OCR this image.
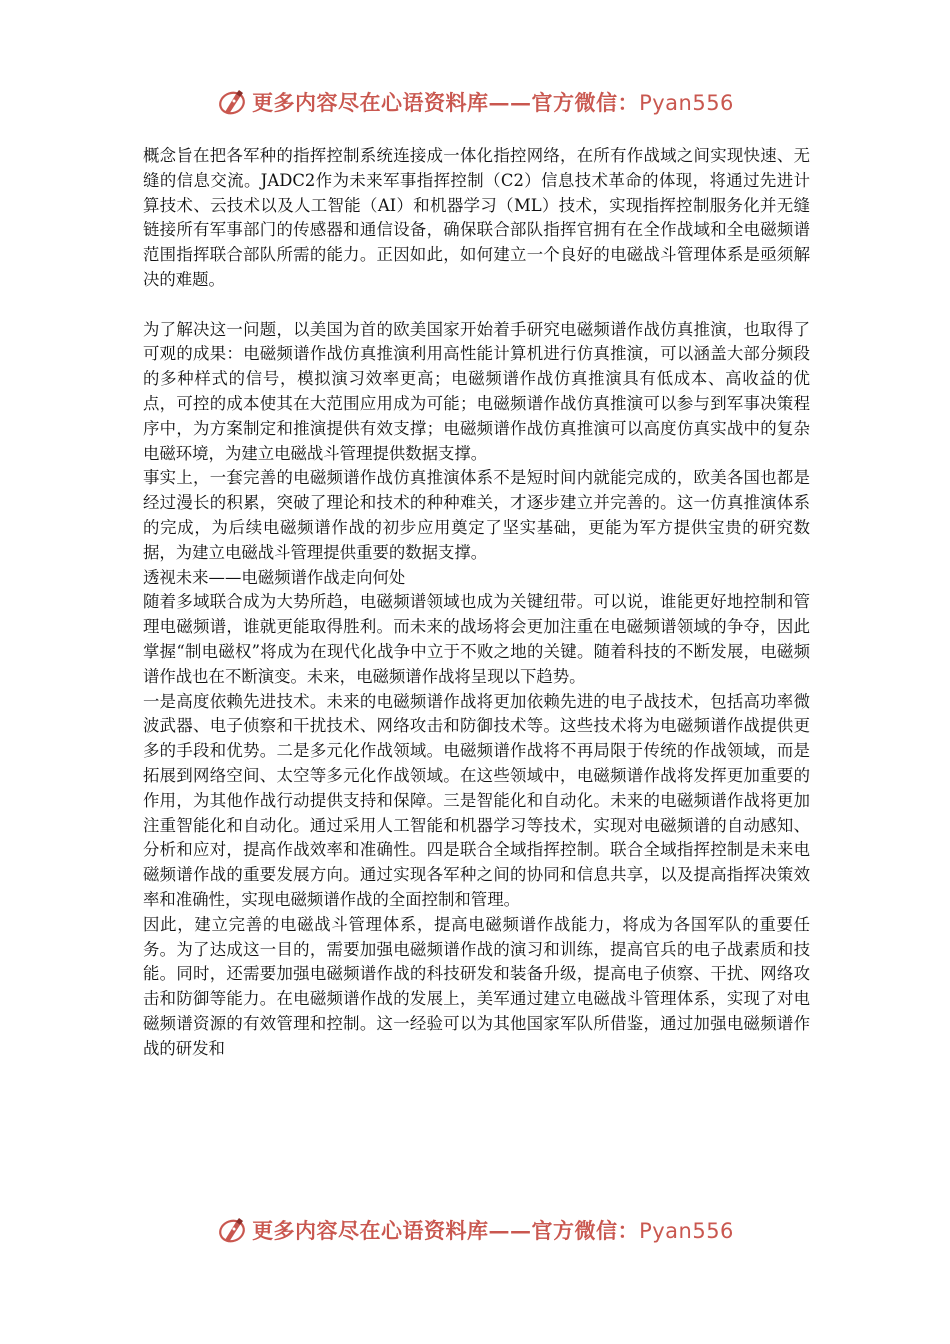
更多内容尽在心语资料库——官方微信：Pyan556

概念旨在把各军种的指挥控制系统连接成一体化指控网络，在所有作战域之间实现快速、无缝的信息交流。JADC2作为未来军事指挥控制（C2）信息技术革命的体现，将通过先进计算技术、云技术以及人工智能（AI）和机器学习（ML）技术，实现指挥控制服务化并无缝链接所有军事部门的传感器和通信设备，确保联合部队指挥官拥有在全作战域和全电磁频谱范围指挥联合部队所需的能力。正因如此，如何建立一个良好的电磁战斗管理体系是亟须解决的难题。

为了解决这一问题，以美国为首的欧美国家开始着手研究电磁频谱作战仿真推演，也取得了可观的成果：电磁频谱作战仿真推演利用高性能计算机进行仿真推演，可以涵盖大部分频段的多种样式的信号，模拟演习效率更高；电磁频谱作战仿真推演具有低成本、高收益的优点，可控的成本使其在大范围应用成为可能；电磁频谱作战仿真推演可以参与到军事决策程序中，为方案制定和推演提供有效支撑；电磁频谱作战仿真推演可以高度仿真实战中的复杂电磁环境，为建立电磁战斗管理提供数据支撑。

事实上，一套完善的电磁频谱作战仿真推演体系不是短时间内就能完成的，欧美各国也都是经过漫长的积累，突破了理论和技术的种种难关，才逐步建立并完善的。这一仿真推演体系的完成，为后续电磁频谱作战的初步应用奠定了坚实基础，更能为军方提供宝贵的研究数据，为建立电磁战斗管理提供重要的数据支撑。

透视未来——电磁频谱作战走向何处

随着多域联合成为大势所趋，电磁频谱领域也成为关键纽带。可以说，谁能更好地控制和管理电磁频谱，谁就更能取得胜利。而未来的战场将会更加注重在电磁频谱领域的争夺，因此掌握“制电磁权”将成为在现代化战争中立于不败之地的关键。随着科技的不断发展，电磁频谱作战也在不断演变。未来，电磁频谱作战将呈现以下趋势。

一是高度依赖先进技术。未来的电磁频谱作战将更加依赖先进的电子战技术，包括高功率微波武器、电子侦察和干扰技术、网络攻击和防御技术等。这些技术将为电磁频谱作战提供更多的手段和优势。二是多元化作战领域。电磁频谱作战将不再局限于传统的作战领域，而是拓展到网络空间、太空等多元化作战领域。在这些领域中，电磁频谱作战将发挥更加重要的作用，为其他作战行动提供支持和保障。三是智能化和自动化。未来的电磁频谱作战将更加注重智能化和自动化。通过采用人工智能和机器学习等技术，实现对电磁频谱的自动感知、分析和应对，提高作战效率和准确性。四是联合全域指挥控制。联合全域指挥控制是未来电磁频谱作战的重要发展方向。通过实现各军种之间的协同和信息共享，以及提高指挥决策效率和准确性，实现电磁频谱作战的全面控制和管理。

因此，建立完善的电磁战斗管理体系，提高电磁频谱作战能力，将成为各国军队的重要任务。为了达成这一目的，需要加强电磁频谱作战的演习和训练，提高官兵的电子战素质和技能。同时，还需要加强电磁频谱作战的科技研发和装备升级，提高电子侦察、干扰、网络攻击和防御等能力。在电磁频谱作战的发展上，美军通过建立电磁战斗管理体系，实现了对电磁频谱资源的有效管理和控制。这一经验可以为其他国家军队所借鉴，通过加强电磁频谱作战的研发和

更多内容尽在心语资料库——官方微信：Pyan556
